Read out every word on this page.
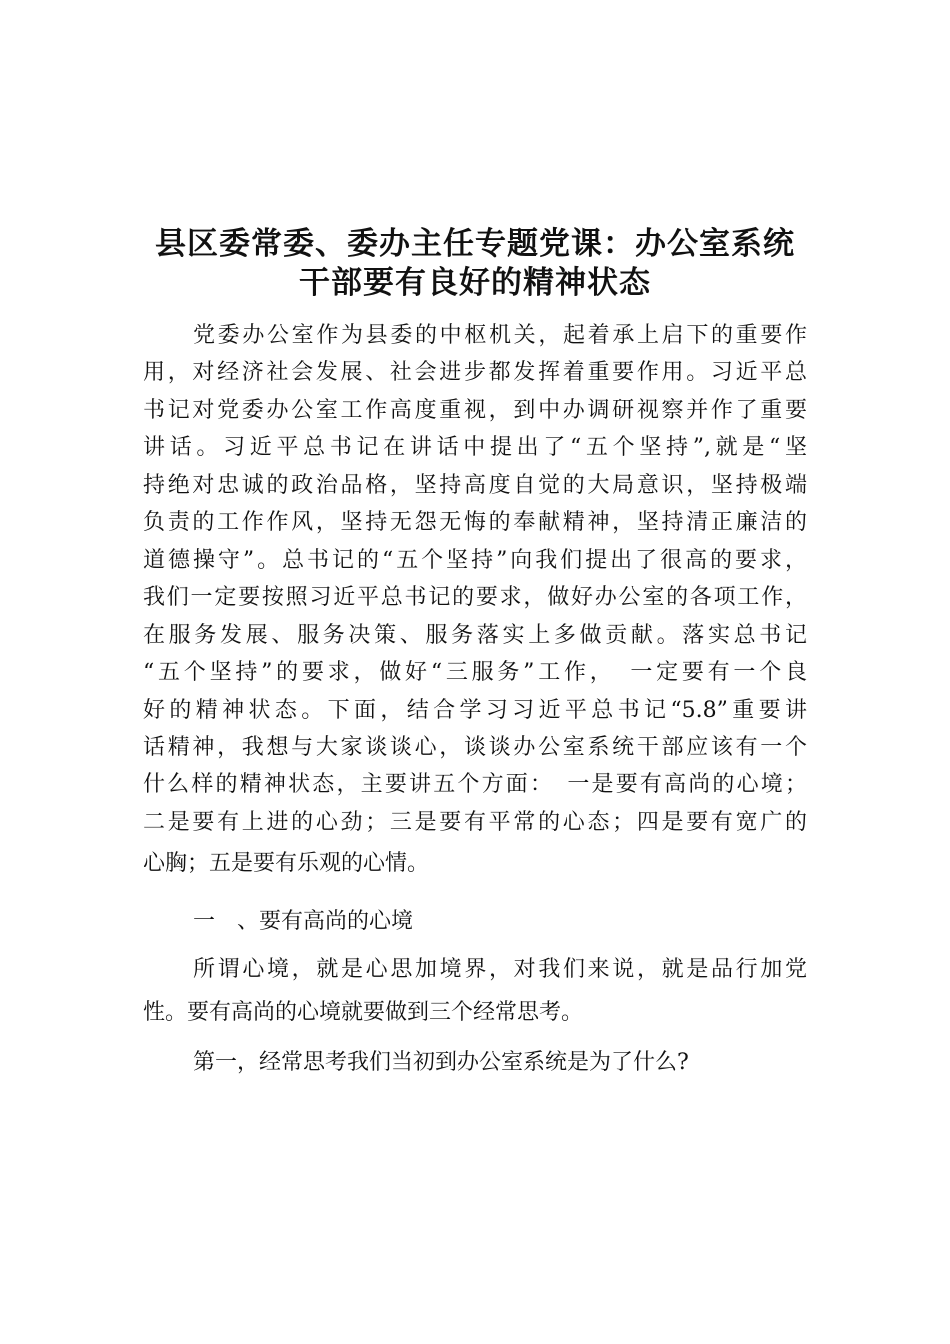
县区委常委、委办主任专题党课：办公室系统
干部要有良好的精神状态
党委办公室作为县委的中枢机关，起着承上启下的重要作
用，对经济社会发展、社会进步都发挥着重要作用。习近平总
书记对党委办公室工作高度重视，到中办调研视察并作了重要
讲话。习近平总书记在讲话中提出了“五个坚持”,就是“坚
持绝对忠诚的政治品格，坚持高度自觉的大局意识，坚持极端
负责的工作作风，坚持无怨无悔的奉献精神，坚持清正廉洁的
道德操守”。总书记的“五个坚持”向我们提出了很高的要求，
我们一定要按照习近平总书记的要求，做好办公室的各项工作，
在服务发展、服务决策、服务落实上多做贡献。落实总书记
“五个坚持”的要求，做好“三服务”工作，　一定要有一个良
好的精神状态。下面，结合学习习近平总书记“5.8”重要讲
话精神，我想与大家谈谈心，谈谈办公室系统干部应该有一个
什么样的精神状态，主要讲五个方面：　一是要有高尚的心境；
二是要有上进的心劲；三是要有平常的心态；四是要有宽广的
心胸；五是要有乐观的心情。
一　、要有高尚的心境
所谓心境，就是心思加境界，对我们来说，就是品行加党
性。要有高尚的心境就要做到三个经常思考。
第一，经常思考我们当初到办公室系统是为了什么?
